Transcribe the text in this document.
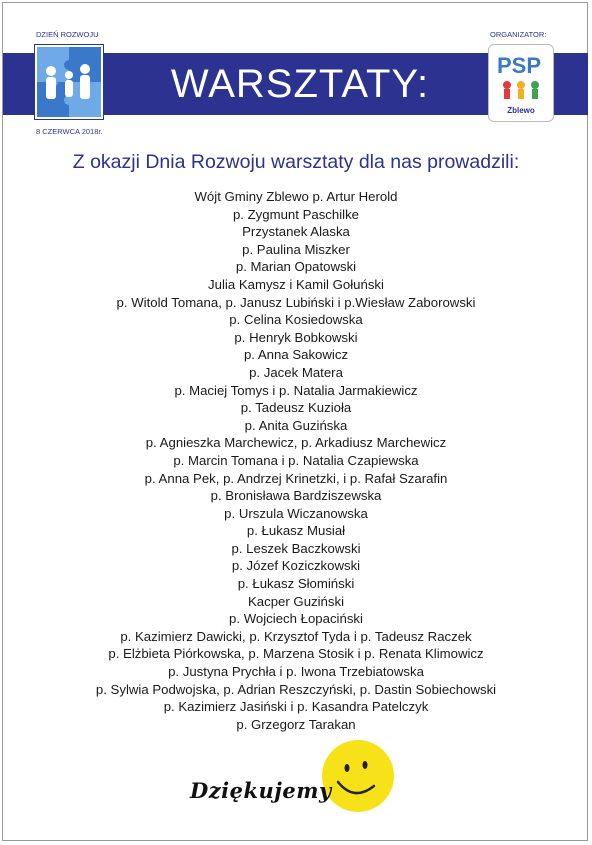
WARSZTATY:
DZIEŃ ROZWOJU
8 CZERWCA 2018r.
ORGANIZATOR:
PSP
Zblewo
Z okazji Dnia Rozwoju warsztaty dla nas prowadzili:
Wójt Gminy Zblewo p. Artur Herold
p. Zygmunt Paschilke
Przystanek Alaska
p. Paulina Miszker
p. Marian Opatowski
Julia Kamysz i Kamil Gołuński
p. Witold Tomana, p. Janusz Lubiński i p.Wiesław Zaborowski
p. Celina Kosiedowska
p. Henryk Bobkowski
p. Anna Sakowicz
p. Jacek Matera
p. Maciej Tomys i p. Natalia Jarmakiewicz
p. Tadeusz Kuzioła
p. Anita Guzińska
p. Agnieszka Marchewicz, p. Arkadiusz Marchewicz
p. Marcin Tomana i p. Natalia Czapiewska
p. Anna Pek, p. Andrzej Krinetzki, i p. Rafał Szarafin
p. Bronisława Bardziszewska
p. Urszula Wiczanowska
p. Łukasz Musiał
p. Leszek Baczkowski
p. Józef Koziczkowski
p. Łukasz Słomiński
Kacper Guziński
p. Wojciech Łopaciński
p. Kazimierz Dawicki, p. Krzysztof Tyda i p. Tadeusz Raczek
p. Elżbieta Piórkowska, p. Marzena Stosik i p. Renata Klimowicz
p. Justyna Prychła i p. Iwona Trzebiatowska
p. Sylwia Podwojska, p. Adrian Reszczyński, p. Dastin Sobiechowski
p. Kazimierz Jasiński i p. Kasandra Patelczyk
p. Grzegorz Tarakan
Dziękujemy
